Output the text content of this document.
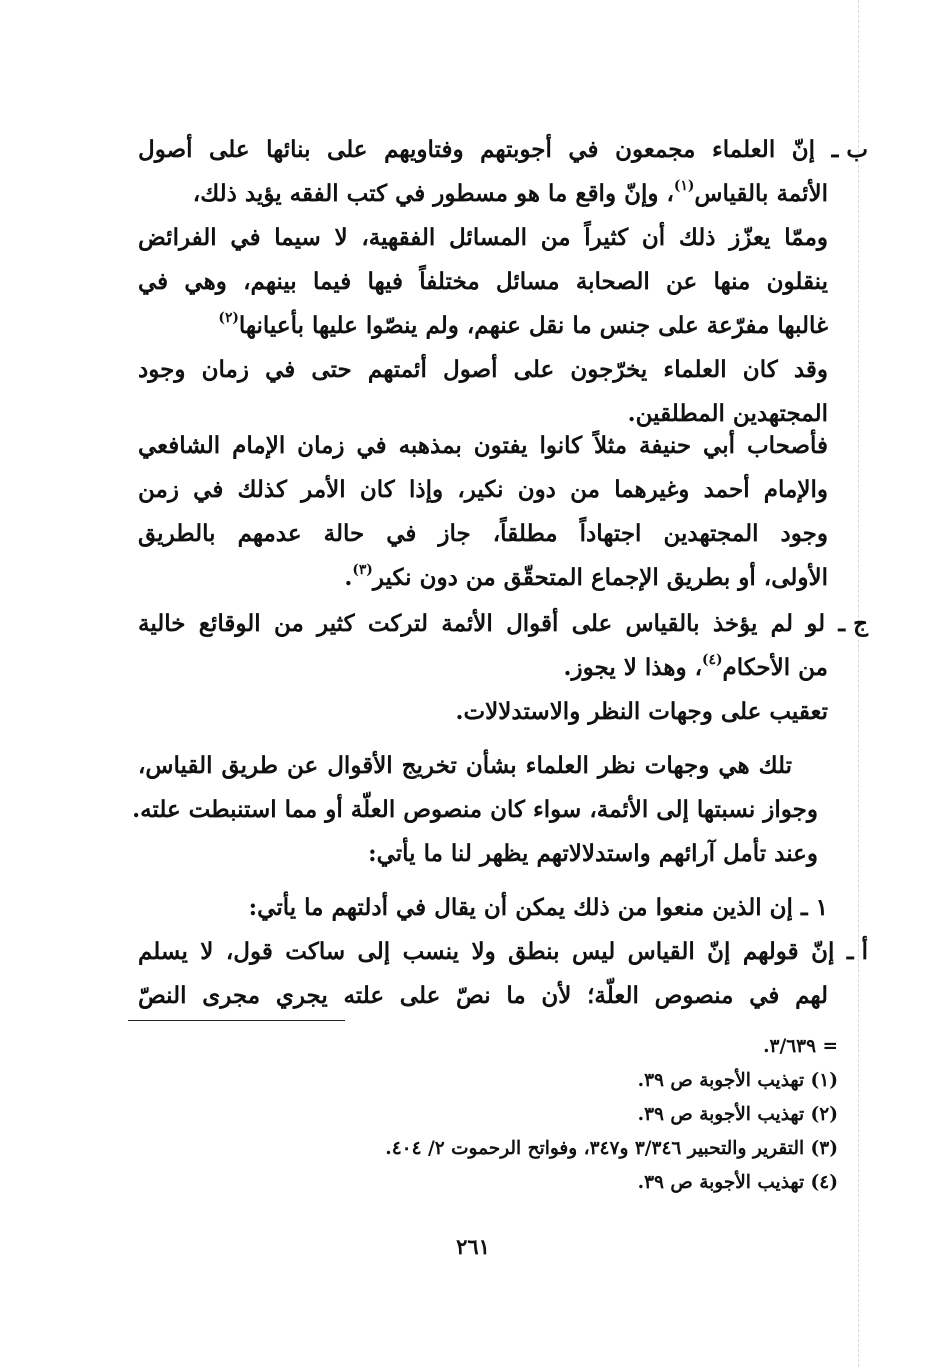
ب ـ إنّ العلماء مجمعون في أجوبتهم وفتاويهم على بنائها على أصول
الأئمة بالقياس$^{(١)}$، وإنّ واقع ما هو مسطور في كتب الفقه يؤيد ذلك،
وممّا يعزّز ذلك أن كثيراً من المسائل الفقهية، لا سيما في الفرائض
ينقلون منها عن الصحابة مسائل مختلفاً فيها فيما بينهم، وهي في
غالبها مفرّعة على جنس ما نقل عنهم، ولم ينصّوا عليها بأعيانها$^{(٢)}$
وقد كان العلماء يخرّجون على أصول أئمتهم حتى في زمان وجود
المجتهدين المطلقين.
فأصحاب أبي حنيفة مثلاً كانوا يفتون بمذهبه في زمان الإمام الشافعي
والإمام أحمد وغيرهما من دون نكير، وإذا كان الأمر كذلك في زمن
وجود المجتهدين اجتهاداً مطلقاً، جاز في حالة عدمهم بالطريق
الأولى، أو بطريق الإجماع المتحقّق من دون نكير$^{(٣)}$.
ج ـ لو لم يؤخذ بالقياس على أقوال الأئمة لتركت كثير من الوقائع خالية
من الأحكام$^{(٤)}$، وهذا لا يجوز.
تعقيب على وجهات النظر والاستدلالات.
تلك هي وجهات نظر العلماء بشأن تخريج الأقوال عن طريق القياس،
وجواز نسبتها إلى الأئمة، سواء كان منصوص العلّة أو مما استنبطت علته.
وعند تأمل آرائهم واستدلالاتهم يظهر لنا ما يأتي:
١ ـ إن الذين منعوا من ذلك يمكن أن يقال في أدلتهم ما يأتي:
أ ـ إنّ قولهم إنّ القياس ليس بنطق ولا ينسب إلى ساكت قول، لا يسلم
لهم في منصوص العلّة؛ لأن ما نصّ على علته يجري مجرى النصّ
= ٣/٦٣٩.
(١) تهذيب الأجوبة ص ٣٩.
(٢) تهذيب الأجوبة ص ٣٩.
(٣) التقرير والتحبير ٣/٣٤٦ و٣٤٧، وفواتح الرحموت ٢/ ٤٠٤.
(٤) تهذيب الأجوبة ص ٣٩.
٢٦١
